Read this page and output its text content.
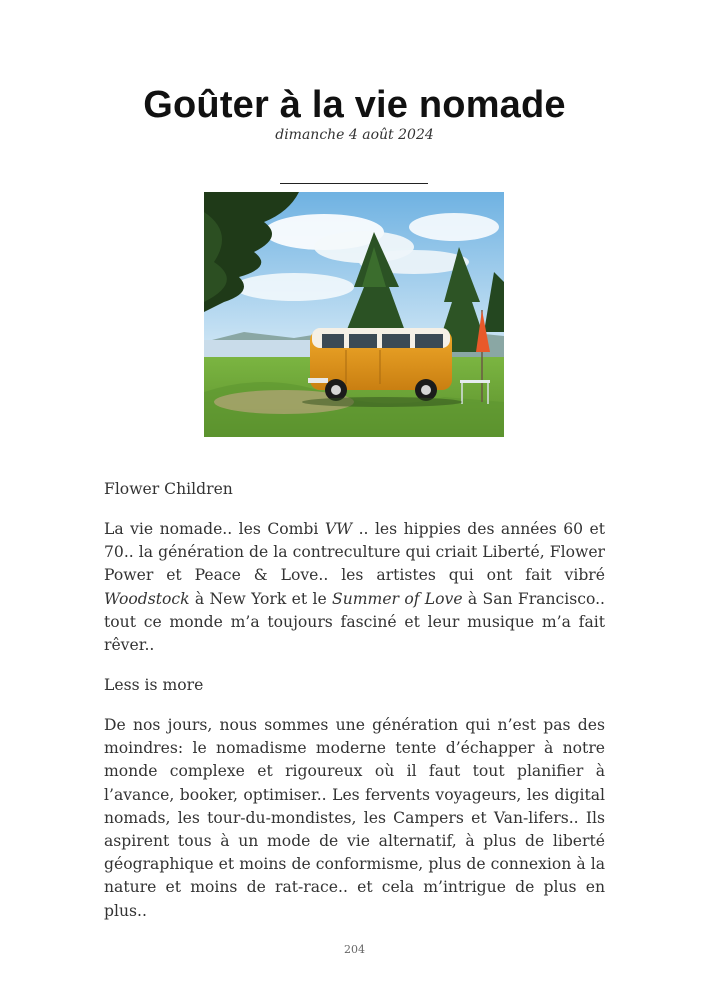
Goûter à la vie nomade
dimanche 4 août 2024

Flower Children

La vie nomade.. les Combi VW .. les hippies des années 60 et 70.. la génération de la contreculture qui criait Liberté, Flower Power et Peace & Love.. les artistes qui ont fait vibré Woodstock à New York et le Summer of Love à San Francisco.. tout ce monde m’a toujours fasciné et leur musique m’a fait rêver..

Less is more

De nos jours, nous sommes une génération qui n’est pas des moindres: le nomadisme moderne tente d’échapper à notre monde complexe et rigoureux où il faut tout planifier à l’avance, booker, optimiser.. Les fervents voyageurs, les digital nomads, les tour-du-mondistes, les Campers et Van-lifers.. Ils aspirent tous à un mode de vie alternatif, à plus de liberté géographique et moins de conformisme, plus de connexion à la nature et moins de rat-race.. et cela m’intrigue de plus en plus..

204
